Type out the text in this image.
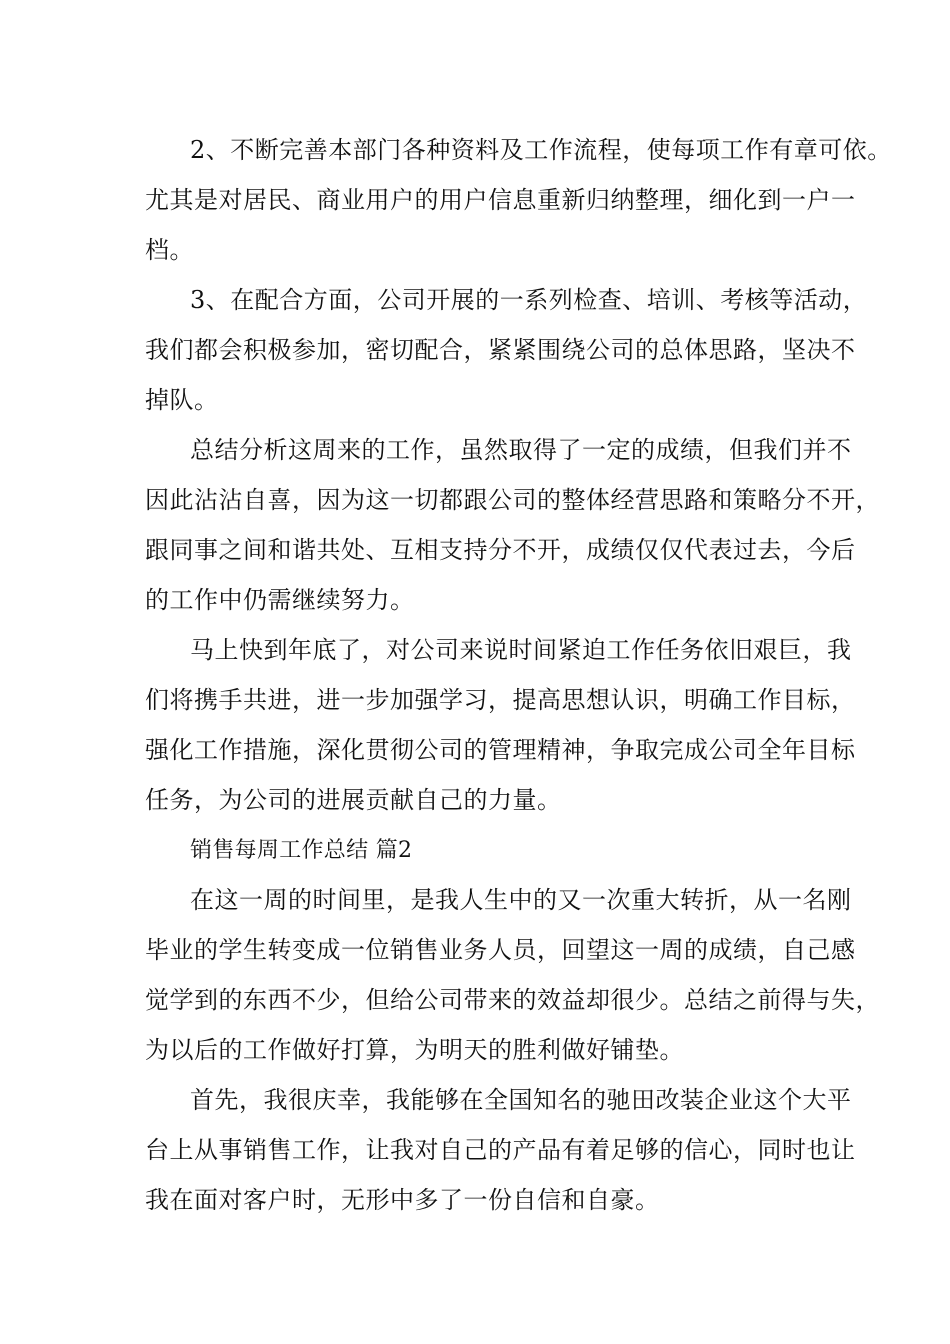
2、不断完善本部门各种资料及工作流程，使每项工作有章可依。
尤其是对居民、商业用户的用户信息重新归纳整理，细化到一户一
档。
3、在配合方面，公司开展的一系列检查、培训、考核等活动，
我们都会积极参加，密切配合，紧紧围绕公司的总体思路，坚决不
掉队。
总结分析这周来的工作，虽然取得了一定的成绩，但我们并不
因此沾沾自喜，因为这一切都跟公司的整体经营思路和策略分不开，
跟同事之间和谐共处、互相支持分不开，成绩仅仅代表过去，今后
的工作中仍需继续努力。
马上快到年底了，对公司来说时间紧迫工作任务依旧艰巨，我
们将携手共进，进一步加强学习，提高思想认识，明确工作目标，
强化工作措施，深化贯彻公司的管理精神，争取完成公司全年目标
任务，为公司的进展贡献自己的力量。
销售每周工作总结 篇2
在这一周的时间里，是我人生中的又一次重大转折，从一名刚
毕业的学生转变成一位销售业务人员，回望这一周的成绩，自己感
觉学到的东西不少，但给公司带来的效益却很少。总结之前得与失，
为以后的工作做好打算，为明天的胜利做好铺垫。
首先，我很庆幸，我能够在全国知名的驰田改装企业这个大平
台上从事销售工作，让我对自己的产品有着足够的信心，同时也让
我在面对客户时，无形中多了一份自信和自豪。
